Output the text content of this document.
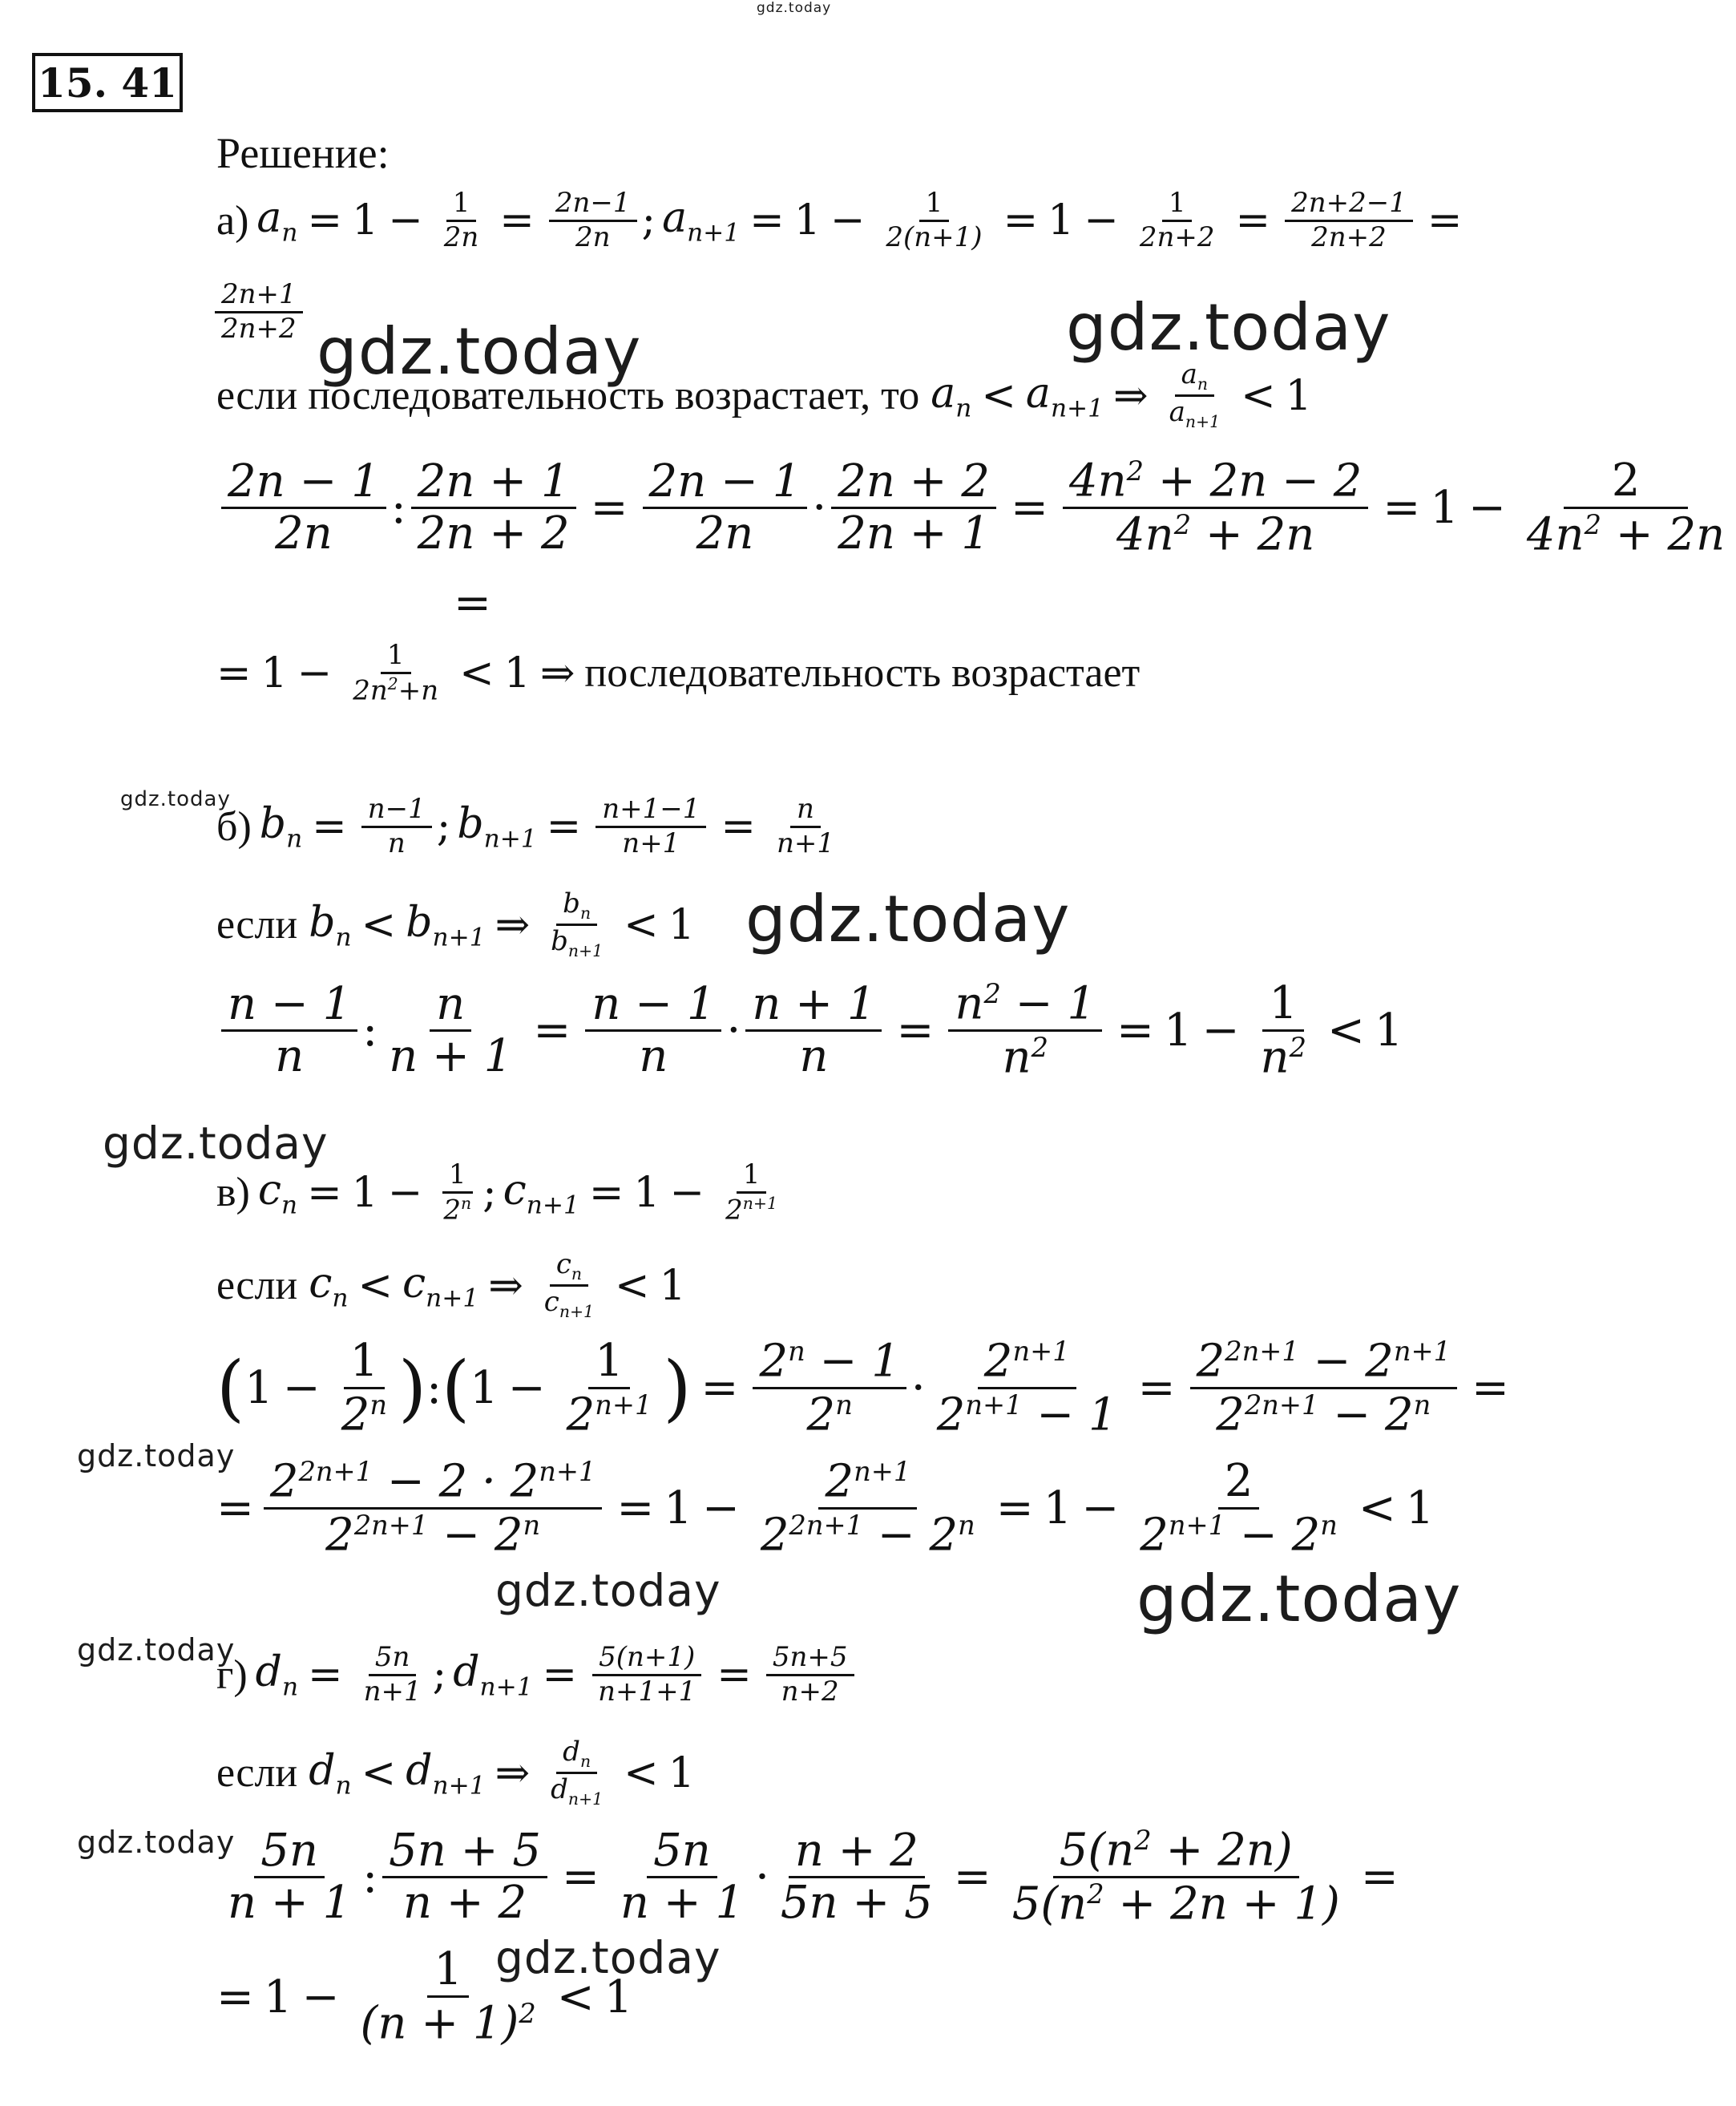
gdz.today
15. 41
Решение:
а) $a_n = 1 - \frac{1}{2n} = \frac{2n-1}{2n}$ ; $a_{n+1} = 1 - \frac{1}{2(n+1)} = 1 - \frac{1}{2n+2} = \frac{2n+2-1}{2n+2}$ =
$\frac{2n+1}{2n+2}$
если последовательность возрастает, то $a_n < a_{n+1}$ ⇒ $\frac{a_n}{a_{n+1}} < 1$
$\frac{2n - 1}{2n}$ : $\frac{2n + 1}{2n + 2} = \frac{2n - 1}{2n} \cdot \frac{2n + 2}{2n + 1} = \frac{4n^2 + 2n - 2}{4n^2 + 2n} = 1 - \frac{2}{4n^2 + 2n}$
=
= $1 - \frac{1}{2n^2+n} < 1$ ⇒ последовательность возрастает
б) $b_n = \frac{n-1}{n}$ ; $b_{n+1} = \frac{n+1-1}{n+1} = \frac{n}{n+1}$
если $b_n < b_{n+1}$ ⇒ $\frac{b_n}{b_{n+1}} < 1$
$\frac{n - 1}{n}$ : $\frac{n}{n + 1} = \frac{n - 1}{n} \cdot \frac{n + 1}{n} = \frac{n^2 - 1}{n^2} = 1 - \frac{1}{n^2} < 1$
в) $c_n = 1 - \frac{1}{2^n}$ ; $c_{n+1} = 1 - \frac{1}{2^{n+1}}$
если $c_n < c_{n+1}$ ⇒ $\frac{c_n}{c_{n+1}} < 1$
( $1 - \frac{1}{2^n}$ ) : ( $1 - \frac{1}{2^{n+1}}$ ) = $\frac{2^n - 1}{2^n} \cdot \frac{2^{n+1}}{2^{n+1} - 1} = \frac{2^{2n+1} - 2^{n+1}}{2^{2n+1} - 2^n}$ =
= $\frac{2^{2n+1} - 2 \cdot 2^{n+1}}{2^{2n+1} - 2^n} = 1 - \frac{2^{n+1}}{2^{2n+1} - 2^n} = 1 - \frac{2}{2^{n+1} - 2^n} < 1$
г) $d_n = \frac{5n}{n+1}$ ; $d_{n+1} = \frac{5(n+1)}{n+1+1} = \frac{5n+5}{n+2}$
если $d_n < d_{n+1}$ ⇒ $\frac{d_n}{d_{n+1}} < 1$
$\frac{5n}{n + 1}$ : $\frac{5n + 5}{n + 2} = \frac{5n}{n + 1} \cdot \frac{n + 2}{5n + 5} = \frac{5(n^2 + 2n)}{5(n^2 + 2n + 1)}$ =
= $1 - \frac{1}{(n + 1)^2} < 1$
gdz.today	gdz.today
gdz.today
gdz.today
gdz.today
gdz.today
gdz.today	gdz.today
gdz.today
gdz.today
gdz.today
